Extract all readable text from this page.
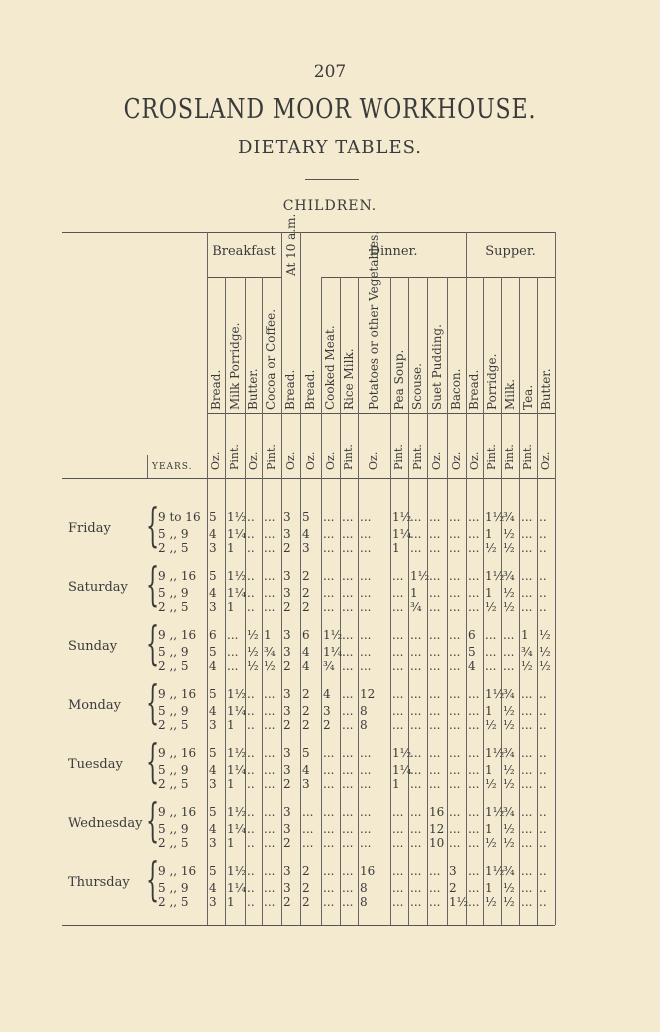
207
CROSLAND MOOR WORKHOUSE.
DIETARY TABLES.
CHILDREN.
Breakfast At 10 a.m.	Dinner.	Supper.
Bread.
Oz.
Milk Porridge.
Pint.
Butter.
Oz.
Cocoa or Coffee.
Pint.
Bread.
Oz.
Bread.
Oz.
Cooked Meat.
Oz.
Rice Milk.
Pint.
Potatoes or other Vegetables.
Oz.
Pea Soup.
Pint.
Scouse.
Pint.
Suet Pudding.
Oz.
Bacon.
Oz.
Bread.
Oz.
Porridge.
Pint.
Milk.
Pint.
Tea.
Pint.
Butter.
Oz.
YEARS.
Friday {
9 to 16 5 1½ .. ... 3 5 ... ... ... 1½
... ... ... ... 1½
¾ ... ..
5 ,, 9 4 1¼ .. ... 3 4 ... ... ... 1¼
... ... ... ... 1 ½ ... ..
2 ,, 5 3 1 .. ... 2 3 ... ... ... 1 ... ... ... ... ½ ½ ... ..
Saturday {
9 ,, 16 5 1½ .. ... 3 2 ... ... ... ... 1½ ... ... ... 1½
¾ ... ..
5 ,, 9 4 1¼ .. ... 3 2 ... ... ... ... 1 ... ... ... 1 ½ ... ..
2 ,, 5 3 1 .. ... 2 2 ... ... ... ... ¾ ... ... ... ½ ½ ... ..
Sunday {
9 ,, 16 6 ... ½ 1 3 6 1½ ... ... ... ... ... ... 6 ... ... 1 ½
5 ,, 9 5 ... ½ ¾ 3 4 1¼ ... ... ... ... ... ... 5 ... ... ¾ ½
2 ,, 5 4 ... ½ ½ 2 4 ¾ ... ... ... ... ... ... 4 ... ... ½ ½
Monday {
9 ,, 16 5 1½ .. ... 3 2 4 ... 12 ... ... ... ... ... 1½
¾ ... ..
5 ,, 9 4 1¼ .. ... 3 2 3 ... 8 ... ... ... ... ... 1 ½ ... ..
2 ,, 5 3 1 .. ... 2 2 2 ... 8 ... ... ... ... ... ½ ½ ... ..
Tuesday {
9 ,, 16 5 1½ .. ... 3 5 ... ... ... 1½
... ... ... ... 1½
¾ ... ..
5 ,, 9 4 1¼ .. ... 3 4 ... ... ... 1¼
... ... ... ... 1 ½ ... ..
2 ,, 5 3 1 .. ... 2 3 ... ... ... 1 ... ... ... ... ½ ½ ... ..
Wednesday {
9 ,, 16 5 1½ .. ... 3 ... ... ... ... ... ... 16 ... ... 1½
¾ ... ..
5 ,, 9 4 1¼ .. ... 3 ... ... ... ... ... ... 12 ... ... 1 ½ ... ..
2 ,, 5 3 1 .. ... 2 ... ... ... ... ... ... 10 ... ... ½ ½ ... ..
Thursday {
9 ,, 16 5 1½ .. ... 3 2 ... ... 16 ... ... ... 3 ... 1½
¾ ... ..
5 ,, 9 4 1¼ .. ... 3 2 ... ... 8 ... ... ... 2 ... 1 ½ ... ..
2 ,, 5 3 1 .. ... 2 2 ... ... 8 ... ... ... 1½ ... ½ ½ ... ..
